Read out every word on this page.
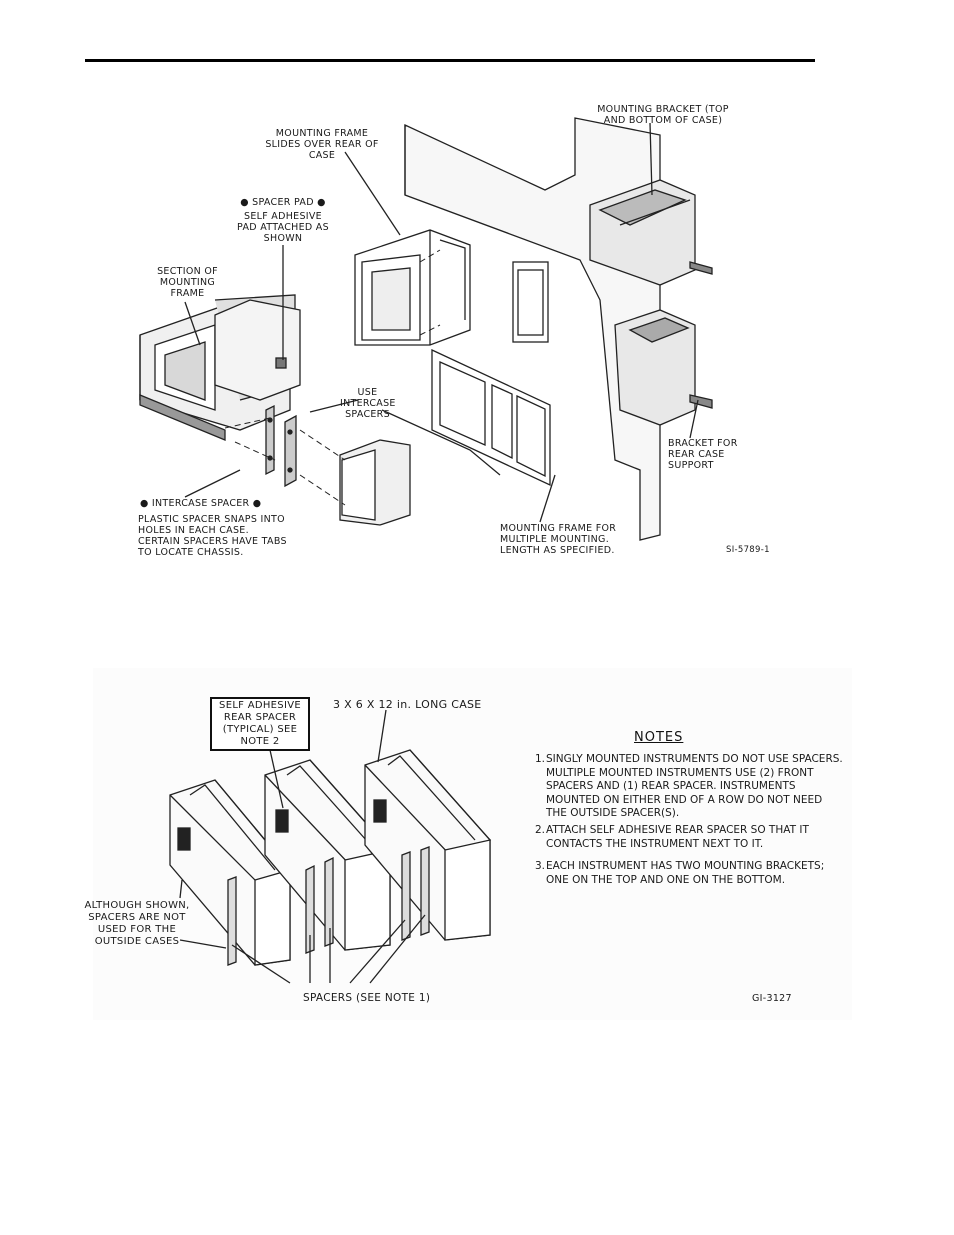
MOUNTING BRACKET (TOP AND BOTTOM OF CASE)
MOUNTING FRAME SLIDES OVER REAR OF CASE
● SPACER PAD ●
SELF ADHESIVE PAD ATTACHED AS SHOWN
SECTION OF MOUNTING FRAME
USE INTERCASE SPACERS
BRACKET FOR REAR CASE SUPPORT
● INTERCASE SPACER ●
PLASTIC SPACER SNAPS INTO HOLES IN EACH CASE. CERTAIN SPACERS HAVE TABS TO LOCATE CHASSIS.
MOUNTING FRAME FOR MULTIPLE MOUNTING. LENGTH AS SPECIFIED.	SI-5789-1
SELF ADHESIVE REAR SPACER (TYPICAL) SEE NOTE 2
3 X 6 X 12 in. LONG CASE
ALTHOUGH SHOWN, SPACERS ARE NOT USED FOR THE OUTSIDE CASES
SPACERS (SEE NOTE 1)	GI-3127
NOTES
1. SINGLY MOUNTED INSTRUMENTS DO NOT USE SPACERS. MULTIPLE MOUNTED INSTRUMENTS USE (2) FRONT SPACERS AND (1) REAR SPACER. INSTRUMENTS MOUNTED ON EITHER END OF A ROW DO NOT NEED THE OUTSIDE SPACER(S).
2. ATTACH SELF ADHESIVE REAR SPACER SO THAT IT CONTACTS THE INSTRUMENT NEXT TO IT.
3. EACH INSTRUMENT HAS TWO MOUNTING BRACKETS; ONE ON THE TOP AND ONE ON THE BOTTOM.
